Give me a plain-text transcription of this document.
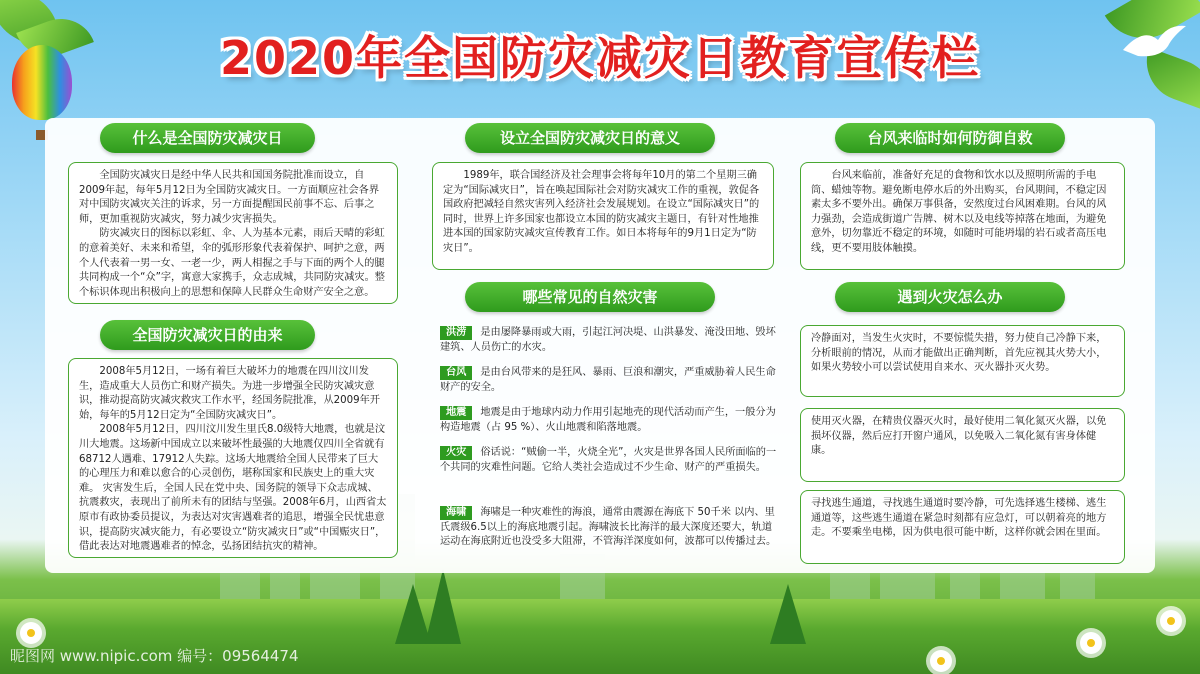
2020年全国防灾减灾日教育宣传栏
什么是全国防灾减灾日

全国防灾减灾日是经中华人民共和国国务院批准而设立，自2009年起，每年5月12日为全国防灾减灾日。一方面顺应社会各界对中国防灾减灾关注的诉求，另一方面提醒国民前事不忘、后事之师，更加重视防灾减灾，努力减少灾害损失。

防灾减灾日的图标以彩虹、伞、人为基本元素，雨后天晴的彩虹的意着美好、未来和希望，伞的弧形形象代表着保护、呵护之意，两个人代表着一男一女、一老一少，两人相握之手与下面的两个人的腿共同构成一个“众”字，寓意大家携手，众志成城，共同防灾减灾。整个标识体现出积极向上的思想和保障人民群众生命财产安全之意。

全国防灾减灾日的由来

2008年5月12日，一场有着巨大破坏力的地震在四川汶川发生，造成重大人员伤亡和财产损失。为进一步增强全民防灾减灾意识，推动提高防灾减灾救灾工作水平，经国务院批准，从2009年开始，每年的5月12日定为“全国防灾减灾日”。

2008年5月12日，四川汶川发生里氏8.0级特大地震，也就是汶川大地震。这场新中国成立以来破坏性最强的大地震仅四川全省就有68712人遇难、17912人失踪。这场大地震给全国人民带来了巨大的心理压力和难以愈合的心灵创伤，堪称国家和民族史上的重大灾难。 灾害发生后，全国人民在党中央、国务院的领导下众志成城、抗震救灾，表现出了前所未有的团结与坚强。2008年6月，山西省太原市有政协委员提议，为表达对灾害遇难者的追思，增强全民忧患意识，提高防灾减灾能力，有必要设立“防灾减灾日”或“中国赈灾日”，借此表达对地震遇难者的悼念，弘扬团结抗灾的精神。

设立全国防灾减灾日的意义

1989年，联合国经济及社会理事会将每年10月的第二个星期三确定为“国际减灾日”，旨在唤起国际社会对防灾减灾工作的重视，敦促各国政府把减轻自然灾害列入经济社会发展规划。在设立“国际减灾日”的同时，世界上许多国家也都设立本国的防灾减灾主题日，有针对性地推进本国的国家防灾减灾宣传教育工作。如日本将每年的9月1日定为“防灾日”。

哪些常见的自然灾害
洪涝 是由屡降暴雨或大雨，引起江河决堤、山洪暴发、淹没田地、毁坏建筑、人员伤亡的水灾。
台风 是由台风带来的是狂风、暴雨、巨浪和潮灾，严重威胁着人民生命财产的安全。
地震 地震是由于地球内动力作用引起地壳的现代活动而产生，一般分为构造地震（占 95 %）、火山地震和陷落地震。
火灾 俗话说：“贼偷一半，火烧全光”，火灾是世界各国人民所面临的一个共同的灾难性问题。它给人类社会造成过不少生命、财产的严重损失。
海啸 海啸是一种灾难性的海浪，通常由震源在海底下 50千米 以内、里氏震级6.5以上的海底地震引起。海啸波长比海洋的最大深度还要大，轨道运动在海底附近也没受多大阻滞，不管海洋深度如何，波都可以传播过去。
台风来临时如何防御自救

台风来临前，准备好充足的食物和饮水以及照明所需的手电筒、蜡烛等物。避免断电停水后的外出购买，台风期间，不稳定因素太多不要外出。确保万事俱备，安然度过台风困难期。台风的风力强劲，会造成街道广告牌、树木以及电线等掉落在地面，为避免意外，切勿靠近不稳定的环境，如随时可能坍塌的岩石或者高压电线，更不要用肢体触摸。

遇到火灾怎么办

冷静面对，当发生火灾时，不要惊慌失措，努力使自己冷静下来，分析眼前的情况，从而才能做出正确判断，首先应视其火势大小，如果火势较小可以尝试使用自来水、灭火器扑灭火势。

使用灭火器，在精贵仪器灭火时，最好使用二氧化氮灭火器，以免损坏仪器，然后应打开窗户通风，以免吸入二氧化氮有害身体健康。

寻找逃生通道，寻找逃生通道时要冷静，可先选择逃生楼梯、逃生通道等，这些逃生通道在紧急时刻都有应急灯，可以朝着亮的地方走。不要乘坐电梯，因为供电很可能中断，这样你就会困在里面。

昵图网 www.nipic.com 编号：09564474
